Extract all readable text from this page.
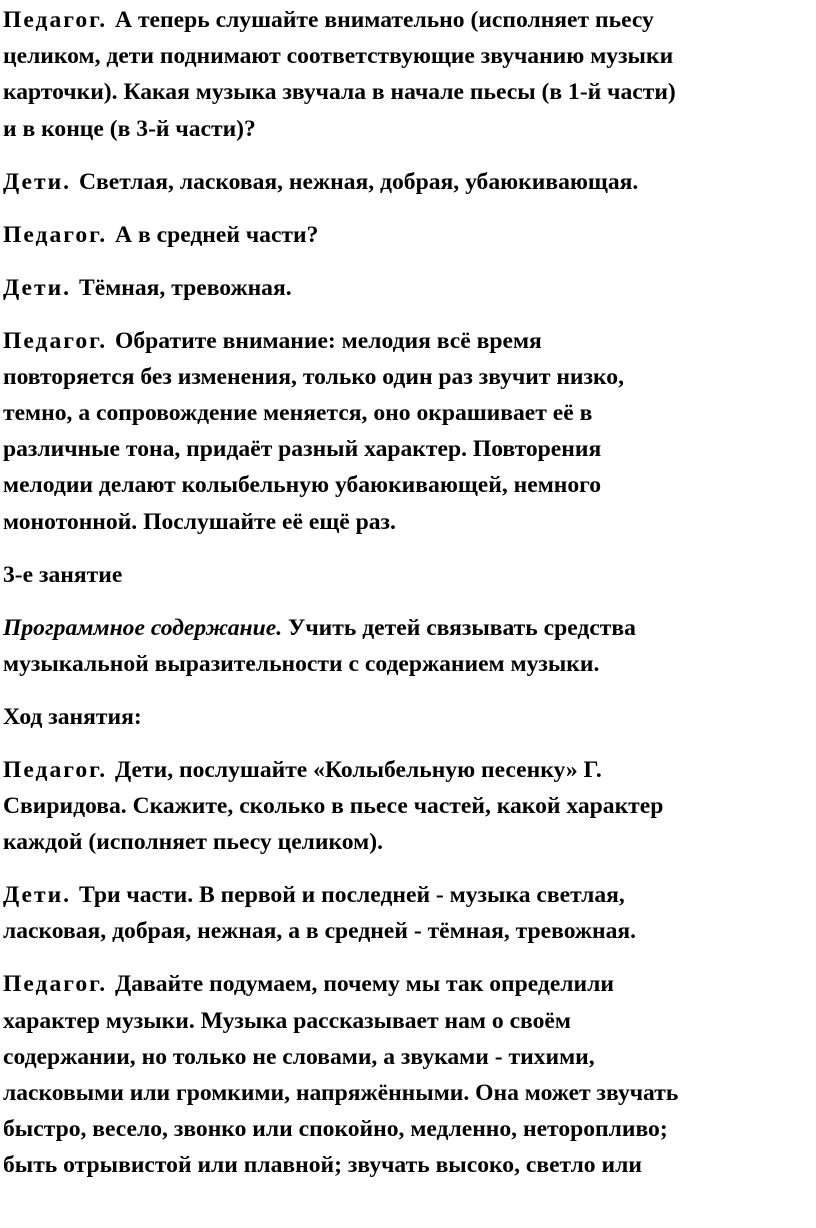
Педагог. А теперь слушайте внимательно (исполняет пьесу
целиком, дети поднимают соответствующие звучанию музыки
карточки). Какая музыка звучала в начале пьесы (в 1-й части)
и в конце (в 3-й части)?
Дети. Светлая, ласковая, нежная, добрая, убаюкивающая.
Педагог. А в средней части?
Дети. Тёмная, тревожная.
Педагог. Обратите внимание: мелодия всё время
повторяется без изменения, только один раз звучит низко,
темно, а сопровождение меняется, оно окрашивает её в
различные тона, придаёт разный характер. Повторения
мелодии делают колыбельную убаюкивающей, немного
монотонной. Послушайте её ещё раз.
3-е занятие
Программное содержание. Учить детей связывать средства
музыкальной выразительности с содержанием музыки.
Ход занятия:
Педагог. Дети, послушайте «Колыбельную песенку» Г.
Свиридова. Скажите, сколько в пьесе частей, какой характер
каждой (исполняет пьесу целиком).
Дети. Три части. В первой и последней - музыка светлая,
ласковая, добрая, нежная, а в средней - тёмная, тревожная.
Педагог. Давайте подумаем, почему мы так определили
характер музыки. Музыка рассказывает нам о своём
содержании, но только не словами, а звуками - тихими,
ласковыми или громкими, напряжёнными. Она может звучать
быстро, весело, звонко или спокойно, медленно, неторопливо;
быть отрывистой или плавной; звучать высоко, светло или
